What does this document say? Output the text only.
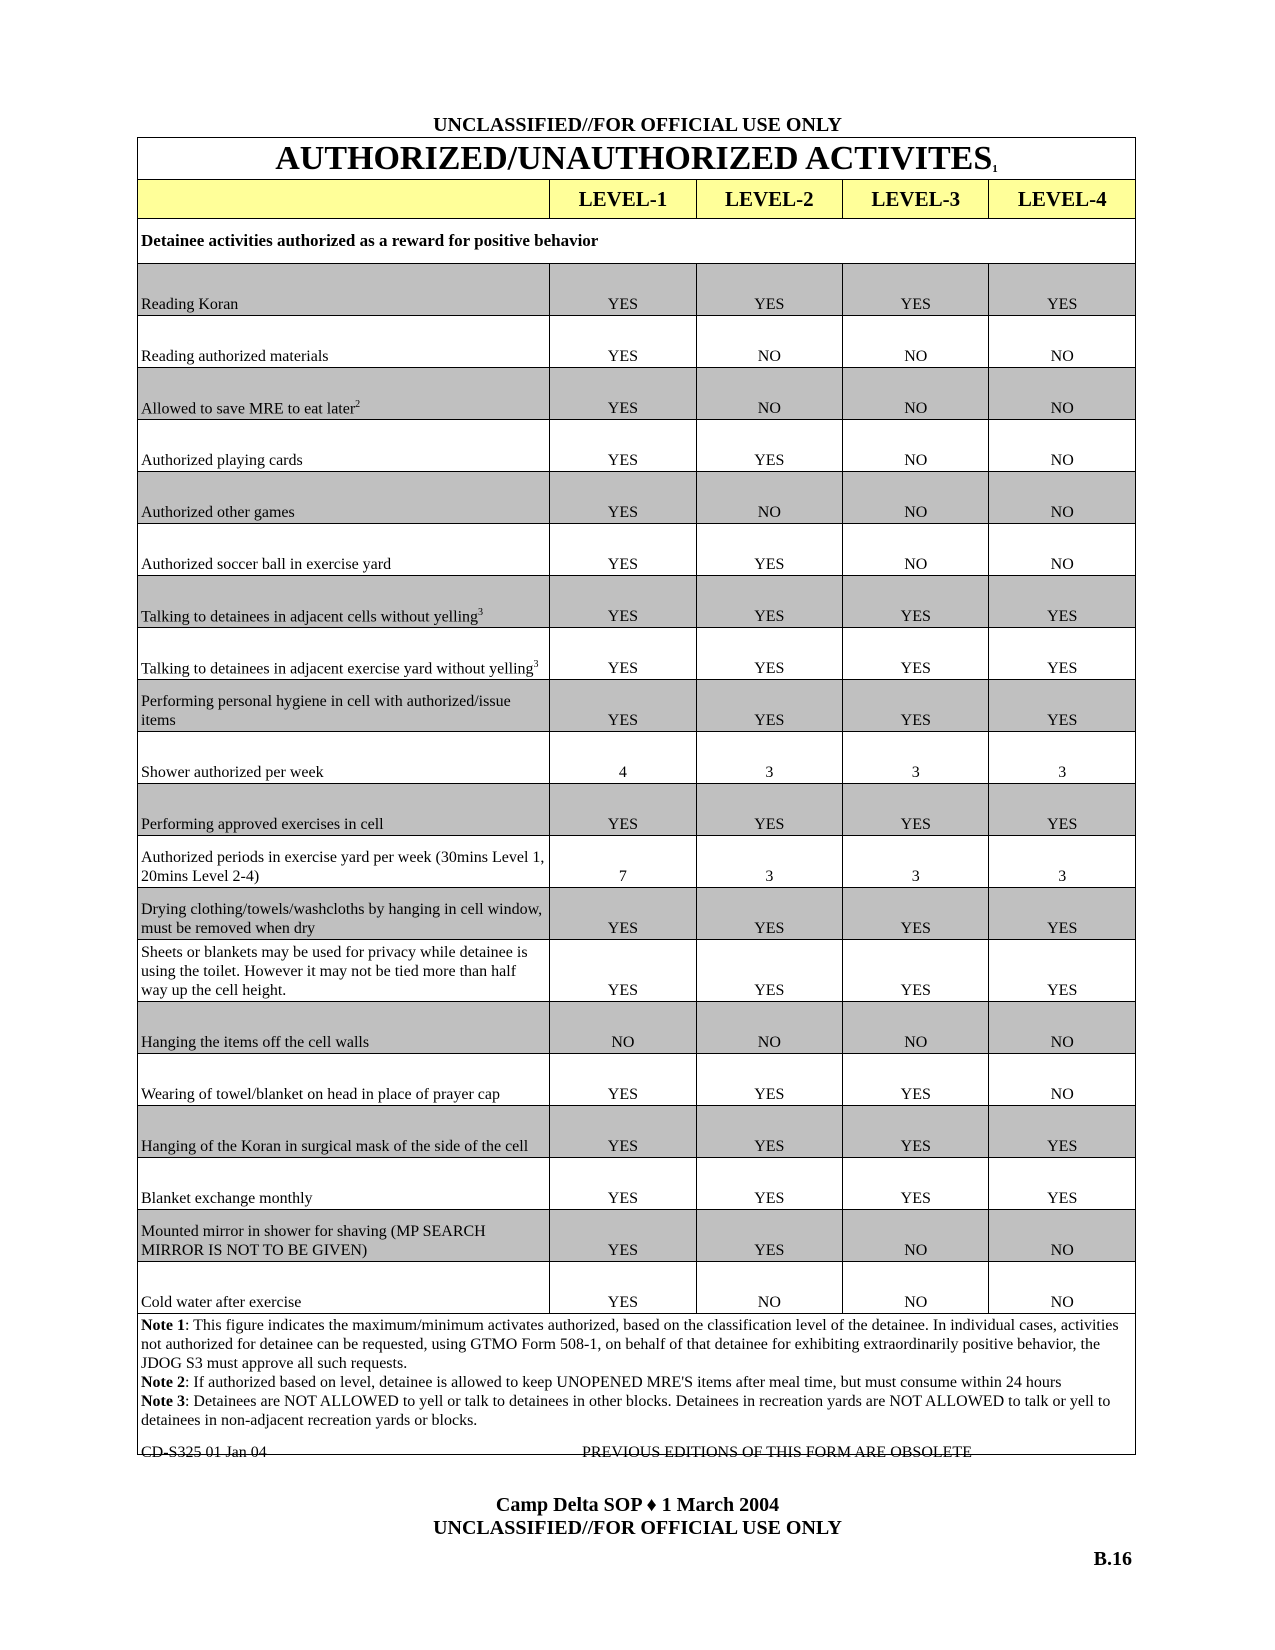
UNCLASSIFIED//FOR OFFICIAL USE ONLY
AUTHORIZED/UNAUTHORIZED ACTIVITES$^1$
	LEVEL-1	LEVEL-2	LEVEL-3	LEVEL-4
Detainee activities authorized as a reward for positive behavior				
Reading Koran	YES	YES	YES	YES
Reading authorized materials	YES	NO	NO	NO
Allowed to save MRE to eat later$^2$	YES	NO	NO	NO
Authorized playing cards	YES	YES	NO	NO
Authorized other games	YES	NO	NO	NO
Authorized soccer ball in exercise yard	YES	YES	NO	NO
Talking to detainees in adjacent cells without yelling$^3$	YES	YES	YES	YES
Talking to detainees in adjacent exercise yard without yelling$^3$	YES	YES	YES	YES
Performing personal hygiene in cell with authorized/issue items	YES	YES	YES	YES
Shower authorized per week	4	3	3	3
Performing approved exercises in cell	YES	YES	YES	YES
Authorized periods in exercise yard per week (30mins Level 1, 20mins Level 2-4)	7	3	3	3
Drying clothing/towels/washcloths by hanging in cell window, must be removed when dry	YES	YES	YES	YES
Sheets or blankets may be used for privacy while detainee is using the toilet. However it may not be tied more than half way up the cell height.	YES	YES	YES	YES
Hanging the items off the cell walls	NO	NO	NO	NO
Wearing of towel/blanket on head in place of prayer cap	YES	YES	YES	NO
Hanging of the Koran in surgical mask of the side of the cell	YES	YES	YES	YES
Blanket exchange monthly	YES	YES	YES	YES
Mounted mirror in shower for shaving (MP SEARCH MIRROR IS NOT TO BE GIVEN)	YES	YES	NO	NO
Cold water after exercise	YES	NO	NO	NO

Note 1: This figure indicates the maximum/minimum activates authorized, based on the classification level of the detainee. In individual cases, activities not authorized for detainee can be requested, using GTMO Form 508-1, on behalf of that detainee for exhibiting extraordinarily positive behavior, the JDOG S3 must approve all such requests.

Note 2: If authorized based on level, detainee is allowed to keep UNOPENED MRE'S items after meal time, but must consume within 24 hours

Note 3: Detainees are NOT ALLOWED to yell or talk to detainees in other blocks. Detainees in recreation yards are NOT ALLOWED to talk or yell to detainees in non-adjacent recreation yards or blocks.				

CD-S325 01 Jan 04	PREVIOUS EDITIONS OF THIS FORM ARE OBSOLETE
Camp Delta SOP ♦ 1 March 2004
UNCLASSIFIED//FOR OFFICIAL USE ONLY
B.16
